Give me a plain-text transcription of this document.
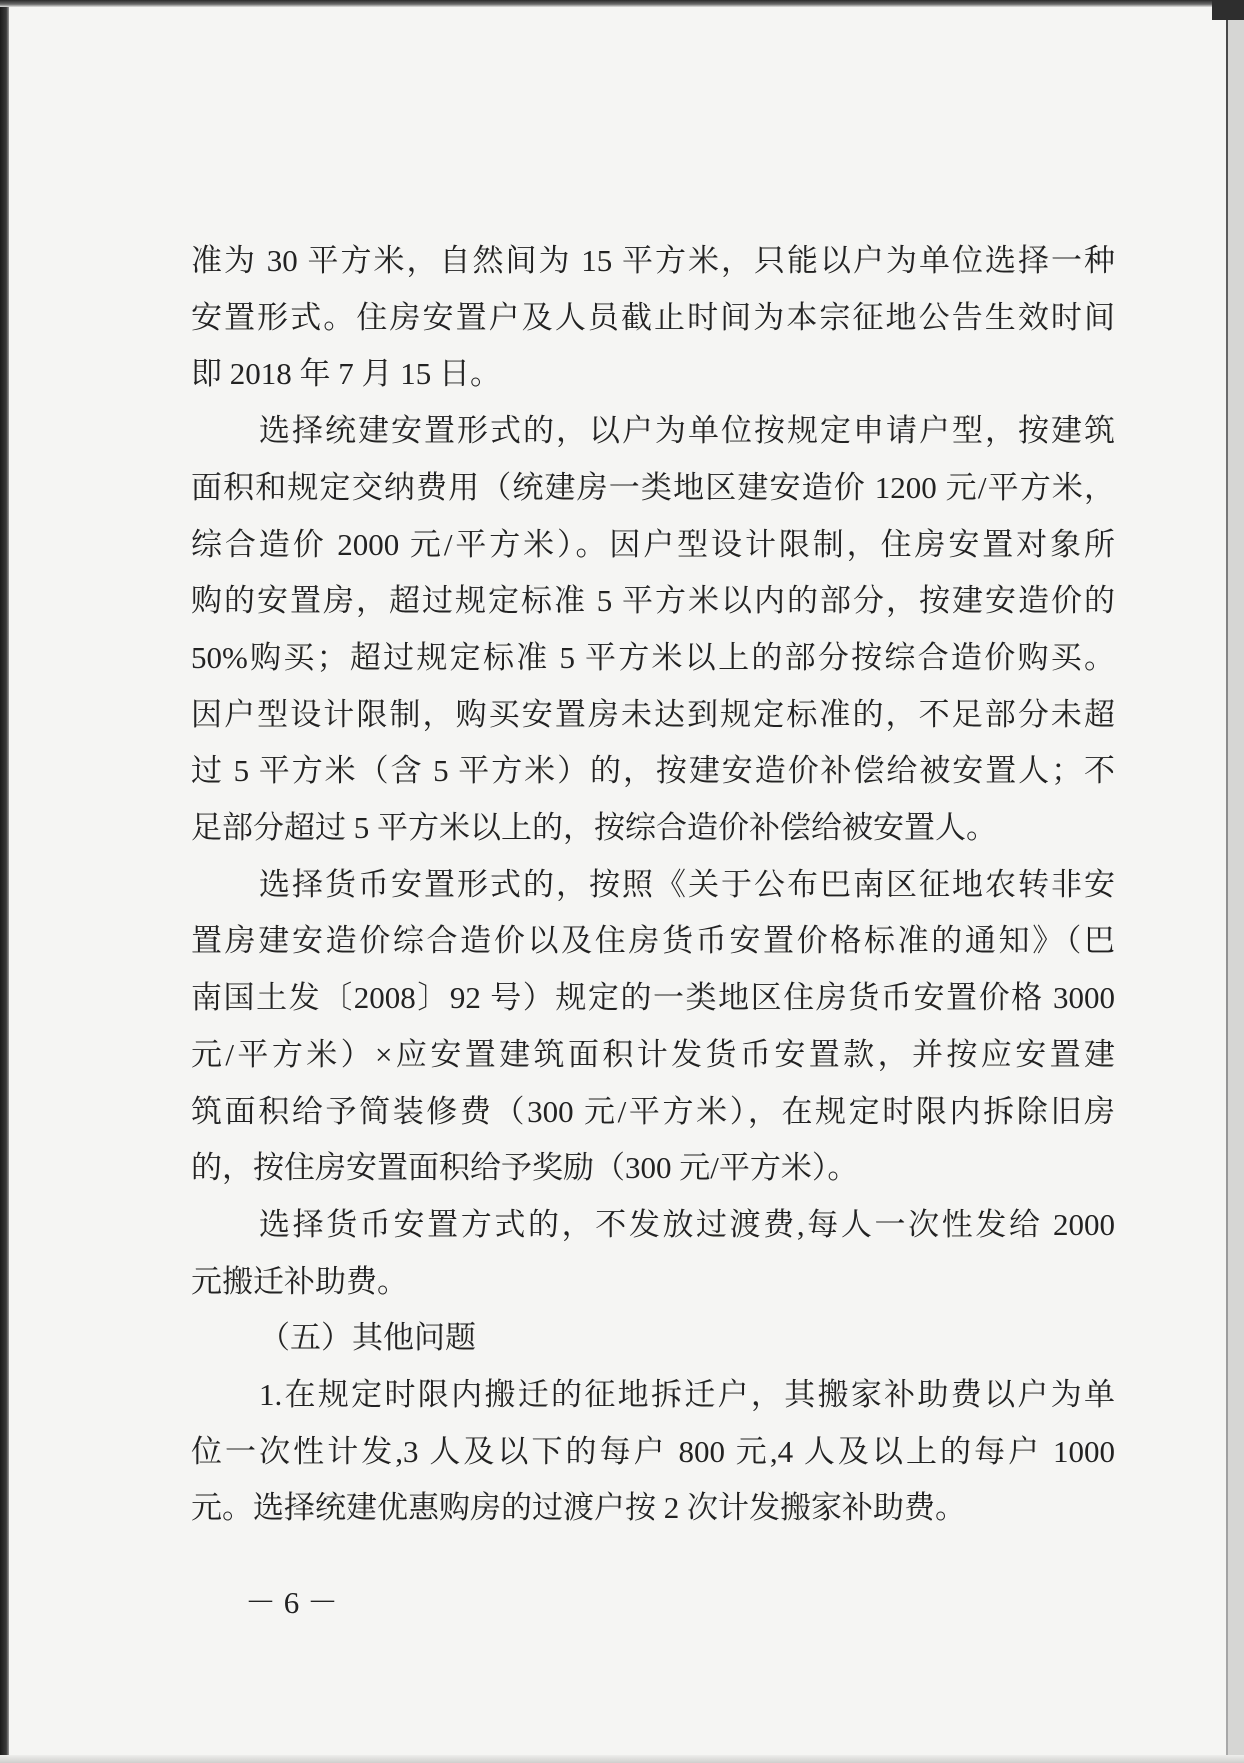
准为 30 平方米，自然间为 15 平方米，只能以户为单位选择一种
安置形式。住房安置户及人员截止时间为本宗征地公告生效时间
即 2018 年 7 月 15 日。
选择统建安置形式的，以户为单位按规定申请户型，按建筑
面积和规定交纳费用（统建房一类地区建安造价 1200 元/平方米，
综合造价 2000 元/平方米）。因户型设计限制，住房安置对象所
购的安置房，超过规定标准 5 平方米以内的部分，按建安造价的
50%购买；超过规定标准 5 平方米以上的部分按综合造价购买。
因户型设计限制，购买安置房未达到规定标准的，不足部分未超
过 5 平方米（含 5 平方米）的，按建安造价补偿给被安置人；不
足部分超过 5 平方米以上的，按综合造价补偿给被安置人。
选择货币安置形式的，按照《关于公布巴南区征地农转非安
置房建安造价综合造价以及住房货币安置价格标准的通知》（巴
南国土发〔2008〕92 号）规定的一类地区住房货币安置价格 3000
元/平方米）×应安置建筑面积计发货币安置款，并按应安置建
筑面积给予简装修费（300 元/平方米），在规定时限内拆除旧房
的，按住房安置面积给予奖励（300 元/平方米）。
选择货币安置方式的，不发放过渡费,每人一次性发给 2000
元搬迁补助费。
（五）其他问题
1.在规定时限内搬迁的征地拆迁户，其搬家补助费以户为单
位一次性计发,3 人及以下的每户 800 元,4 人及以上的每户 1000
元。选择统建优惠购房的过渡户按 2 次计发搬家补助费。
－ 6 －
